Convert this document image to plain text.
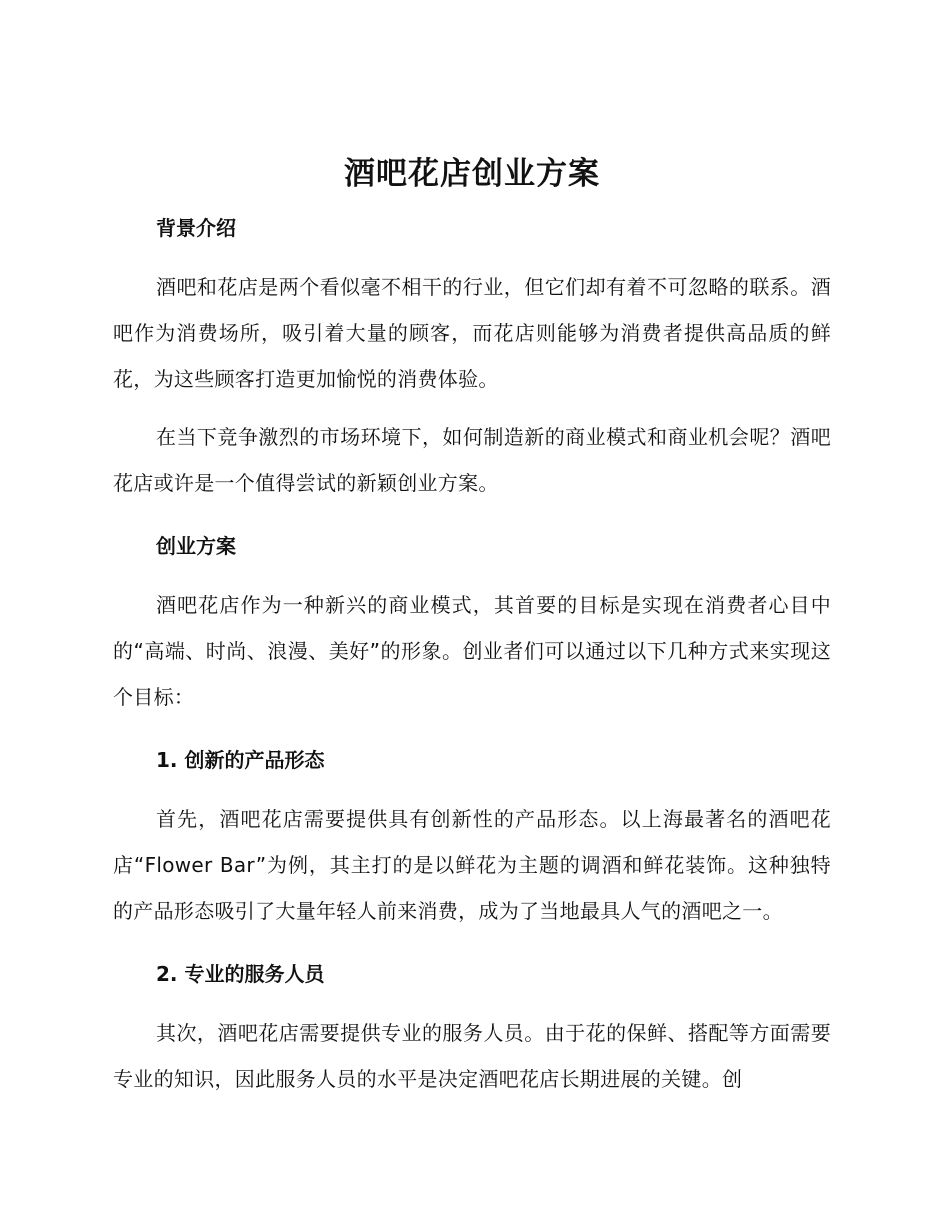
酒吧花店创业方案
背景介绍

酒吧和花店是两个看似毫不相干的行业，但它们却有着不可忽略的联系。酒吧作为消费场所，吸引着大量的顾客，而花店则能够为消费者提供高品质的鲜花，为这些顾客打造更加愉悦的消费体验。

在当下竞争激烈的市场环境下，如何制造新的商业模式和商业机会呢？酒吧花店或许是一个值得尝试的新颖创业方案。

创业方案

酒吧花店作为一种新兴的商业模式，其首要的目标是实现在消费者心目中的“高端、时尚、浪漫、美好”的形象。创业者们可以通过以下几种方式来实现这个目标：

1. 创新的产品形态

首先，酒吧花店需要提供具有创新性的产品形态。以上海最著名的酒吧花店“Flower Bar”为例，其主打的是以鲜花为主题的调酒和鲜花装饰。这种独特的产品形态吸引了大量年轻人前来消费，成为了当地最具人气的酒吧之一。

2. 专业的服务人员

其次，酒吧花店需要提供专业的服务人员。由于花的保鲜、搭配等方面需要专业的知识，因此服务人员的水平是决定酒吧花店长期进展的关键。创
